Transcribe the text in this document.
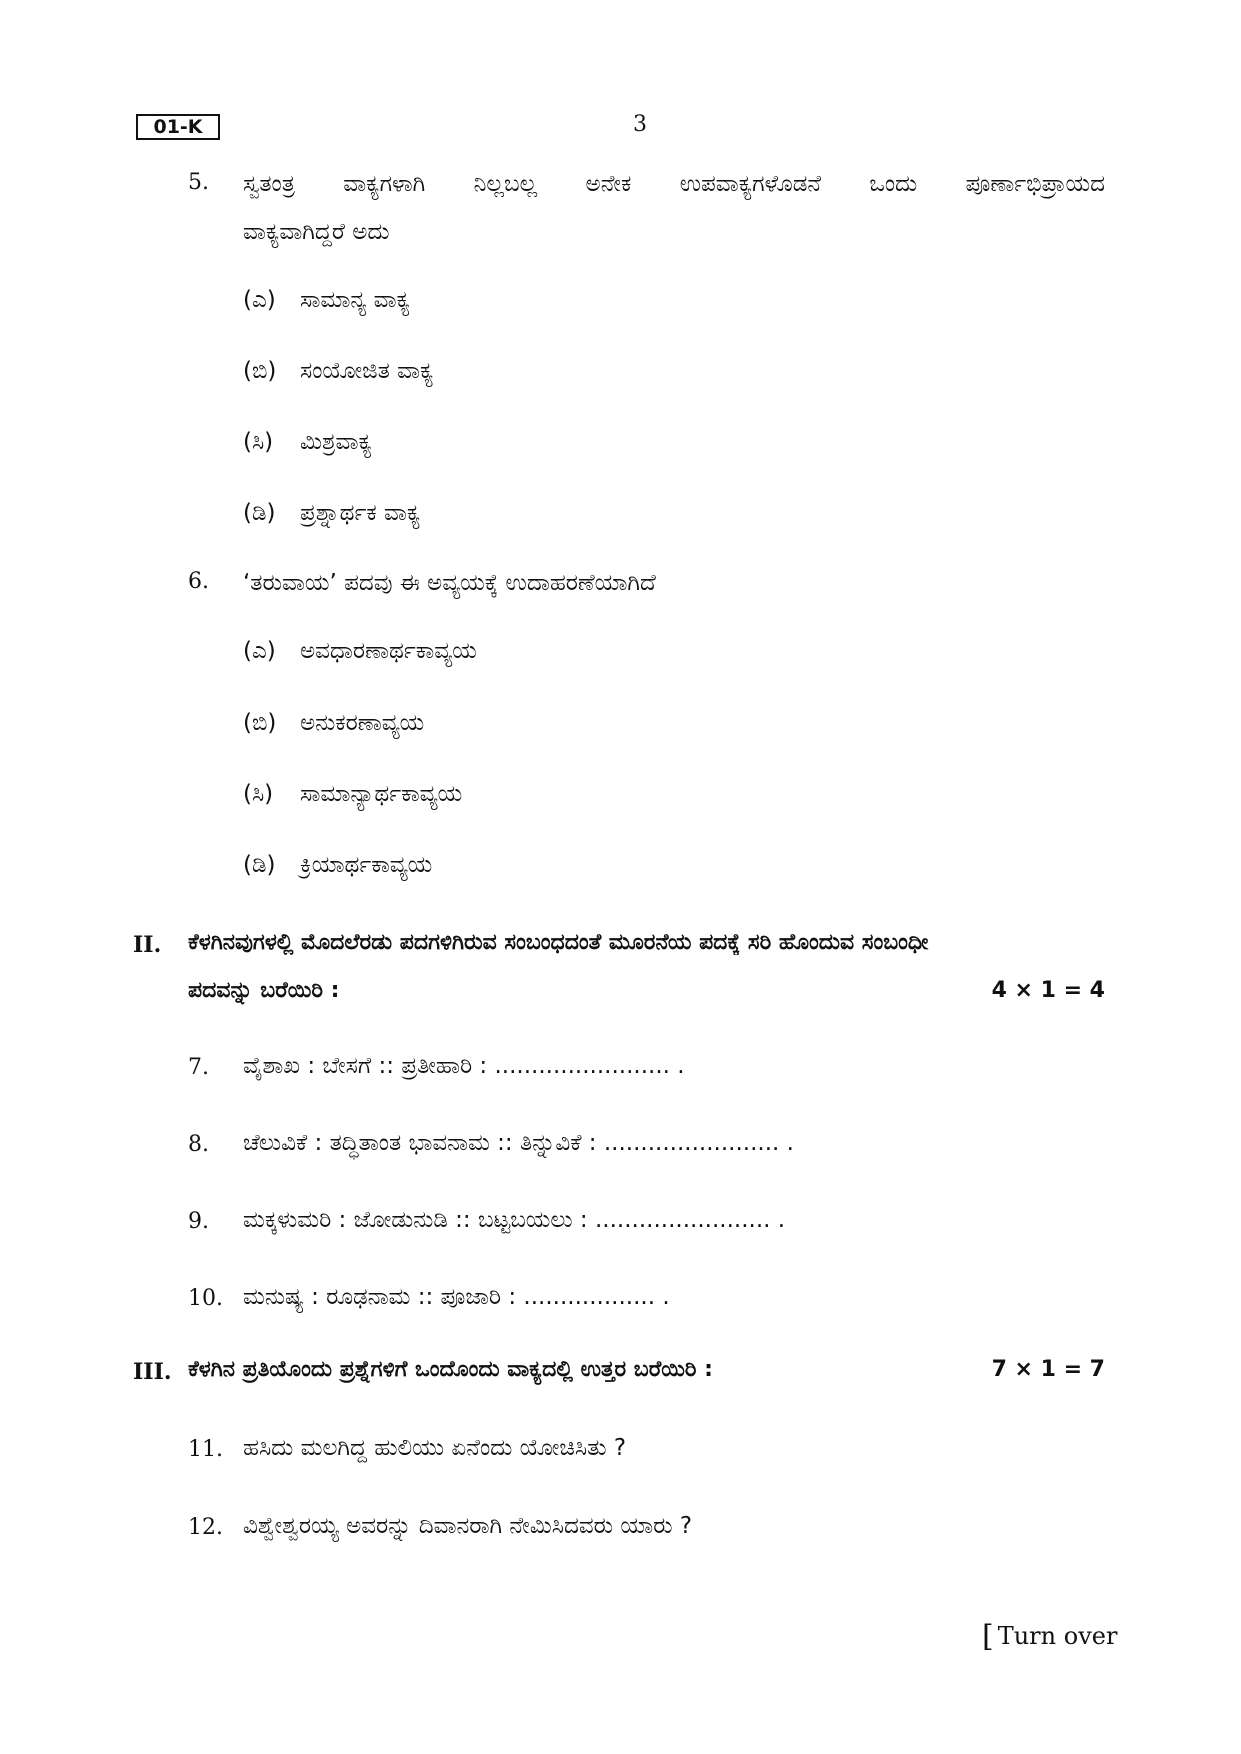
01-K	3
5. ಸ್ವತಂತ್ರ ವಾಕ್ಯಗಳಾಗಿ ನಿಲ್ಲಬಲ್ಲ ಅನೇಕ ಉಪವಾಕ್ಯಗಳೊಡನೆ ಒಂದು ಪೂರ್ಣಾಭಿಪ್ರಾಯದ
ವಾಕ್ಯವಾಗಿದ್ದರೆ ಅದು
(ಎ) ಸಾಮಾನ್ಯ ವಾಕ್ಯ
(ಬಿ) ಸಂಯೋಜಿತ ವಾಕ್ಯ
(ಸಿ) ಮಿಶ್ರವಾಕ್ಯ
(ಡಿ) ಪ್ರಶ್ನಾರ್ಥಕ ವಾಕ್ಯ
6. ‘ತರುವಾಯ’ ಪದವು ಈ ಅವ್ಯಯಕ್ಕೆ ಉದಾಹರಣೆಯಾಗಿದೆ
(ಎ) ಅವಧಾರಣಾರ್ಥಕಾವ್ಯಯ
(ಬಿ) ಅನುಕರಣಾವ್ಯಯ
(ಸಿ) ಸಾಮಾನ್ಯಾರ್ಥಕಾವ್ಯಯ
(ಡಿ) ಕ್ರಿಯಾರ್ಥಕಾವ್ಯಯ
II. ಕೆಳಗಿನವುಗಳಲ್ಲಿ ಮೊದಲೆರಡು ಪದಗಳಿಗಿರುವ ಸಂಬಂಧದಂತೆ ಮೂರನೆಯ ಪದಕ್ಕೆ ಸರಿ ಹೊಂದುವ ಸಂಬಂಧೀ
ಪದವನ್ನು ಬರೆಯಿರಿ :	4 × 1 = 4
7. ವೈಶಾಖ : ಬೇಸಗೆ :: ಪ್ರತೀಹಾರಿ : ........................ .
8. ಚೆಲುವಿಕೆ : ತದ್ಧಿತಾಂತ ಭಾವನಾಮ :: ತಿನ್ನುವಿಕೆ : ........................ .
9. ಮಕ್ಕಳುಮರಿ : ಜೋಡುನುಡಿ :: ಬಟ್ಟಬಯಲು : ........................ .
10. ಮನುಷ್ಯ : ರೂಢನಾಮ :: ಪೂಜಾರಿ : .................. .
III. ಕೆಳಗಿನ ಪ್ರತಿಯೊಂದು ಪ್ರಶ್ನೆಗಳಿಗೆ ಒಂದೊಂದು ವಾಕ್ಯದಲ್ಲಿ ಉತ್ತರ ಬರೆಯಿರಿ :	7 × 1 = 7
11. ಹಸಿದು ಮಲಗಿದ್ದ ಹುಲಿಯು ಏನೆಂದು ಯೋಚಿಸಿತು ?
12. ವಿಶ್ವೇಶ್ವರಯ್ಯ ಅವರನ್ನು ದಿವಾನರಾಗಿ ನೇಮಿಸಿದವರು ಯಾರು ?
[ Turn over
